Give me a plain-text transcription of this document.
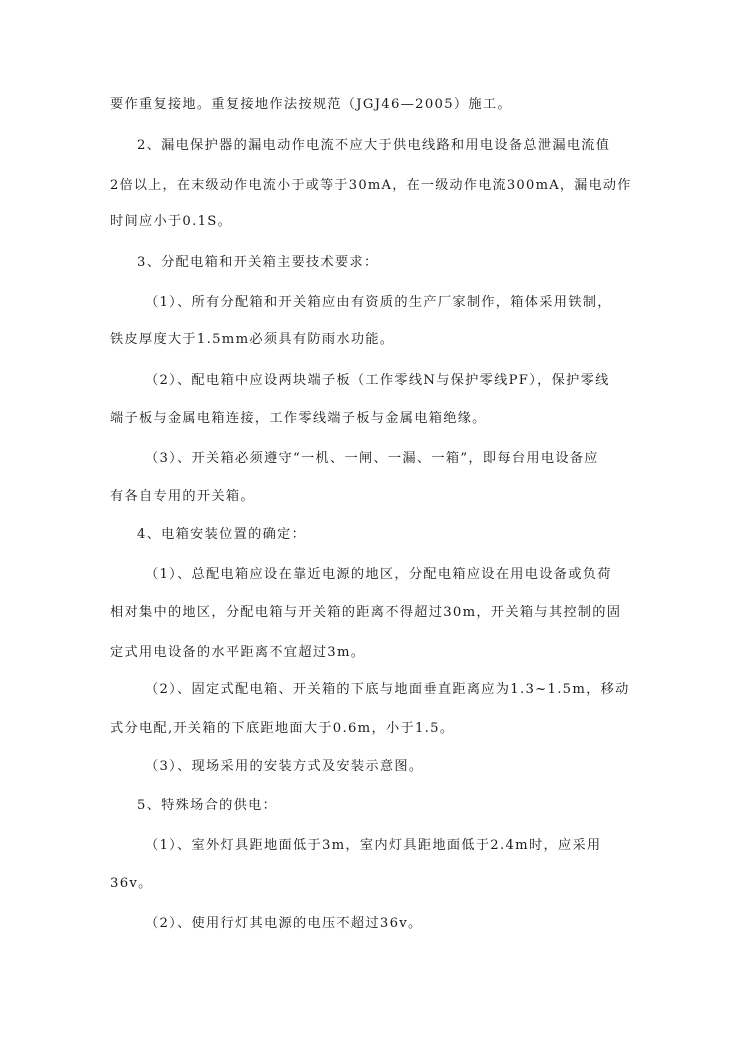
要作重复接地。重复接地作法按规范（JGJ46—2005）施工。
2、漏电保护器的漏电动作电流不应大于供电线路和用电设备总泄漏电流值
2倍以上，在末级动作电流小于或等于30mA，在一级动作电流300mA，漏电动作
时间应小于0.1S。
3、分配电箱和开关箱主要技术要求：
（1）、所有分配箱和开关箱应由有资质的生产厂家制作，箱体采用铁制，
铁皮厚度大于1.5mm必须具有防雨水功能。
（2）、配电箱中应设两块端子板（工作零线N与保护零线PF），保护零线
端子板与金属电箱连接，工作零线端子板与金属电箱绝缘。
（3）、开关箱必须遵守“一机、一闸、一漏、一箱”，即每台用电设备应
有各自专用的开关箱。
4、电箱安装位置的确定：
（1）、总配电箱应设在靠近电源的地区，分配电箱应设在用电设备或负荷
相对集中的地区，分配电箱与开关箱的距离不得超过30m，开关箱与其控制的固
定式用电设备的水平距离不宜超过3m。
（2）、固定式配电箱、开关箱的下底与地面垂直距离应为1.3~1.5m，移动
式分电配,开关箱的下底距地面大于0.6m，小于1.5。
（3）、现场采用的安装方式及安装示意图。
5、特殊场合的供电：
（1）、室外灯具距地面低于3m，室内灯具距地面低于2.4m时，应采用
36v。
（2）、使用行灯其电源的电压不超过36v。
